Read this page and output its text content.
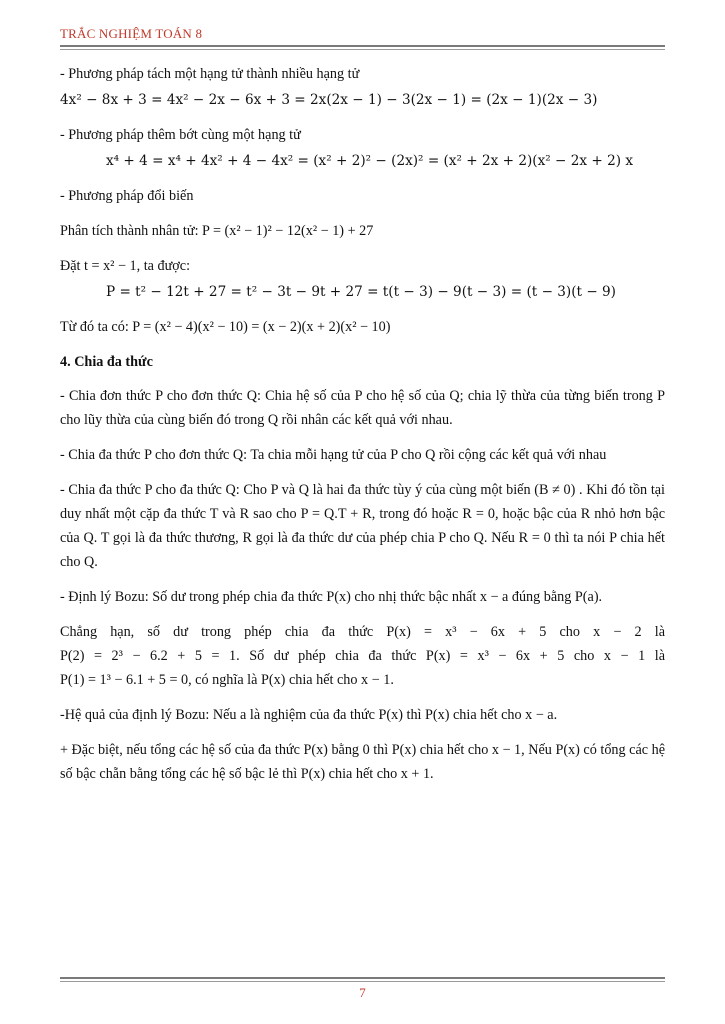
TRẮC NGHIỆM TOÁN 8

- Phương pháp tách một hạng tử thành nhiều hạng tử

4x² − 8x + 3 = 4x² − 2x − 6x + 3 = 2x(2x − 1) − 3(2x − 1) = (2x − 1)(2x − 3)

- Phương pháp thêm bớt cùng một hạng tử

x⁴ + 4 = x⁴ + 4x² + 4 − 4x² = (x² + 2)² − (2x)² = (x² + 2x + 2)(x² − 2x + 2) x

- Phương pháp đổi biến

Phân tích thành nhân tử: P = (x² − 1)² − 12(x² − 1) + 27

Đặt t = x² − 1, ta được:

P = t² − 12t + 27 = t² − 3t − 9t + 27 = t(t − 3) − 9(t − 3) = (t − 3)(t − 9)

Từ đó ta có: P = (x² − 4)(x² − 10) = (x − 2)(x + 2)(x² − 10)

4. Chia đa thức

- Chia đơn thức P cho đơn thức Q: Chia hệ số của P cho hệ số của Q; chia lỹ thừa của từng biến trong P cho lũy thừa của cùng biến đó trong Q rồi nhân các kết quả với nhau.

- Chia đa thức P cho đơn thức Q: Ta chia mỗi hạng tử của P cho Q rồi cộng các kết quả với nhau

- Chia đa thức P cho đa thức Q: Cho P và Q là hai đa thức tùy ý của cùng một biến (B ≠ 0) . Khi đó tồn tại duy nhất một cặp đa thức T và R sao cho P = Q.T + R, trong đó hoặc R = 0, hoặc bậc của R nhỏ hơn bậc của Q. T gọi là đa thức thương, R gọi là đa thức dư của phép chia P cho Q. Nếu R = 0 thì ta nói P chia hết cho Q.

- Định lý Bozu: Số dư trong phép chia đa thức P(x) cho nhị thức bậc nhất x − a đúng bằng P(a).

Chẳng hạn, số dư trong phép chia đa thức P(x) = x³ − 6x + 5 cho x − 2 là

P(2) = 2³ − 6.2 + 5 = 1. Số dư phép chia đa thức P(x) = x³ − 6x + 5 cho x − 1 là

P(1) = 1³ − 6.1 + 5 = 0, có nghĩa là P(x) chia hết cho x − 1.

-Hệ quả của định lý Bozu: Nếu a là nghiệm của đa thức P(x) thì P(x) chia hết cho x − a.

+ Đặc biệt, nếu tổng các hệ số của đa thức P(x) bằng 0 thì P(x) chia hết cho x − 1, Nếu P(x) có tổng các hệ số bậc chẵn bằng tổng các hệ số bậc lẻ thì P(x) chia hết cho x + 1.

7
